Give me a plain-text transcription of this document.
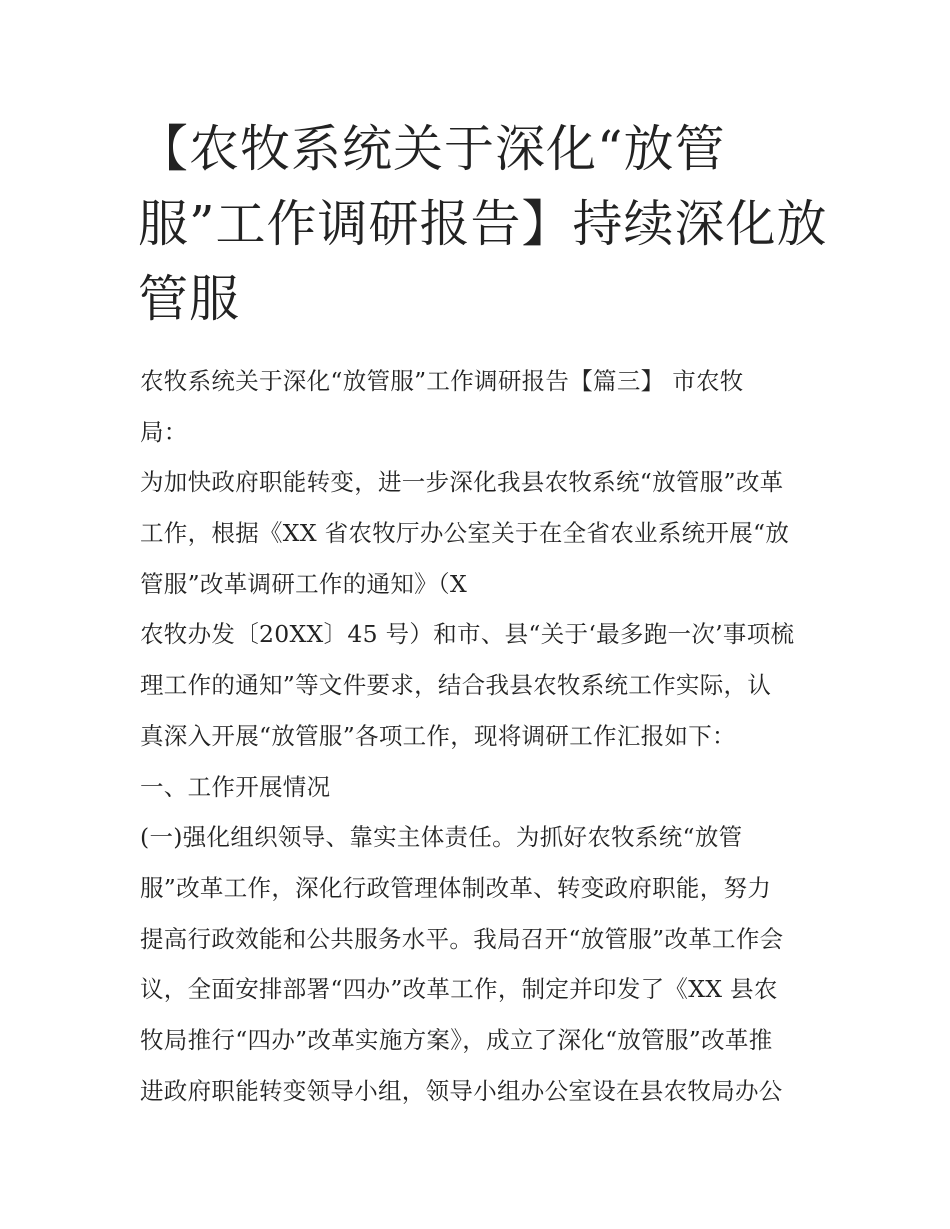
【农牧系统关于深化“放管
服”工作调研报告】持续深化放
管服
农牧系统关于深化“放管服”工作调研报告【篇三】 市农牧
局：
为加快政府职能转变，进一步深化我县农牧系统“放管服”改革
工作，根据《XX 省农牧厅办公室关于在全省农业系统开展“放
管服”改革调研工作的通知》（X
农牧办发〔20XX〕45 号）和市、县“关于‘最多跑一次’事项梳
理工作的通知”等文件要求，结合我县农牧系统工作实际，认
真深入开展“放管服”各项工作，现将调研工作汇报如下：
一、工作开展情况
(一)强化组织领导、靠实主体责任。为抓好农牧系统“放管
服”改革工作，深化行政管理体制改革、转变政府职能，努力
提高行政效能和公共服务水平。我局召开“放管服”改革工作会
议，全面安排部署“四办”改革工作，制定并印发了《XX 县农
牧局推行“四办”改革实施方案》，成立了深化“放管服”改革推
进政府职能转变领导小组，领导小组办公室设在县农牧局办公
